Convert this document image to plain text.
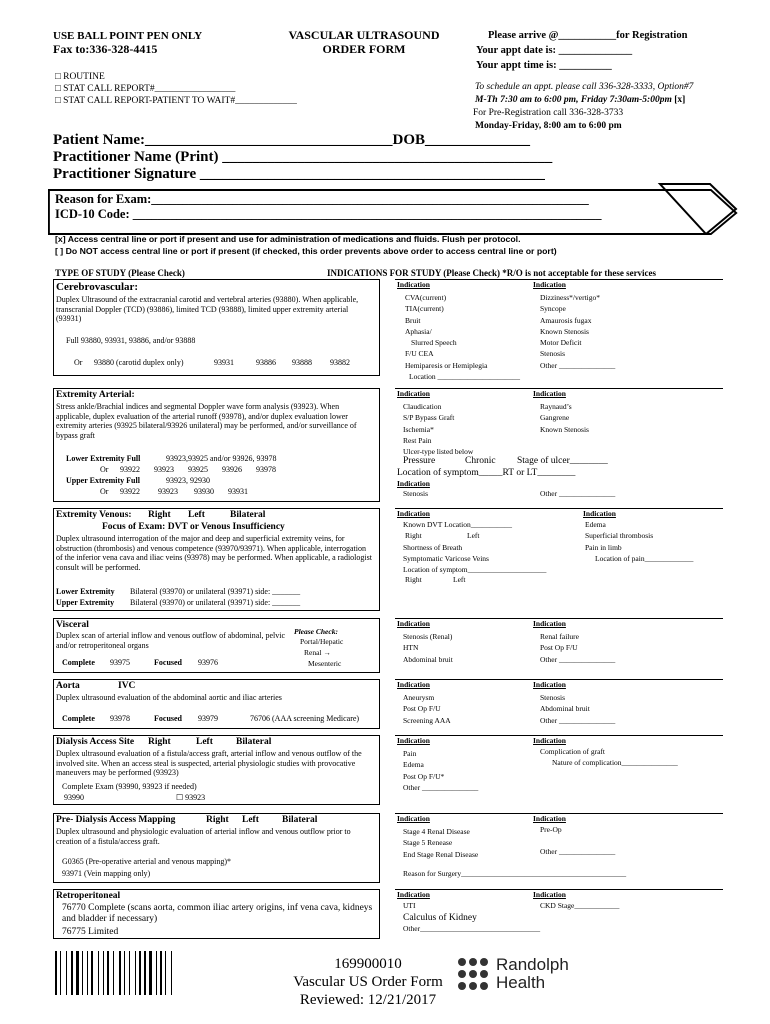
USE BALL POINT PEN ONLY
Fax to:336-328-4415
VASCULAR ULTRASOUND
ORDER FORM
Please arrive @___________for Registration
Your appt date is: ______________
Your appt time is: __________
□ ROUTINE
□ STAT CALL REPORT#_________________
□ STAT CALL REPORT-PATIENT TO WAIT#_____________
To schedule an appt. please call 336-328-3333, Option#7
M-Th 7:30 am to 6:00 pm, Friday 7:30am-5:00pm [x]
For Pre-Registration call 336-328-3733
Monday-Friday, 8:00 am to 6:00 pm
Patient Name:_________________________________DOB______________
Practitioner Name (Print) ____________________________________________
Practitioner Signature ______________________________________________
Reason for Exam:______________________________________________________________________
ICD-10 Code: ___________________________________________________________________________
[x] Access central line or port if present and use for administration of medications and fluids. Flush per protocol.
[ ] Do NOT access central line or port if present (if checked, this order prevents above order to access central line or port)
TYPE OF STUDY (Please Check)	INDICATIONS FOR STUDY (Please Check) *R/O is not acceptable for these services
Cerebrovascular:
Duplex Ultrasound of the extracranial carotid and vertebral arteries (93880). When applicable, transcranial Doppler (TCD) (93886), limited TCD (93888), limited upper extremity arterial (93931)
Full 93880, 93931, 93886, and/or 93888
Or 93880 (carotid duplex only)	93931	93886 93888 93882
Indication	Indication
CVA(current)
TIA(current)
Bruit
Aphasia/
Slurred Speech
F/U CEA
Hemiparesis or Hemiplegia
Location ______________________
Dizziness*/vertigo*
Syncope
Amaurosis fugax
Known Stenosis
Motor Deficit
Stenosis
Other _______________
Extremity Arterial:
Stress ankle/Brachial indices and segmental Doppler wave form analysis (93923). When applicable, duplex evaluation of the arterial runoff (93978), and/or duplex evaluation lower extremity arteries (93925 bilateral/93926 unilateral) may be performed, and/or surveillance of bypass graft
Lower Extremity Full	93923,93925 and/or 93926, 93978
Or 93922 93923 93925 93926 93978
Upper Extremity Full	93923, 92930
Or 93922 93923 93930 93931
Indication	Indication
Claudication
S/P Bypass Graft
Ischemia*
Rest Pain
Ulcer-type listed below
Raynaud’s
Gangrene
Known Stenosis
Pressure	Chronic Stage of ulcer________
Location of symptom_____RT or LT________
Indication
Stenosis	Other _______________
Extremity Venous: Right Left	Bilateral
Focus of Exam: DVT or Venous Insufficiency
Duplex ultrasound interrogation of the major and deep and superficial extremity veins, for obstruction (thrombosis) and venous competence (93970/93971). When applicable, interrogation of the inferior vena cava and iliac veins (93978) may be performed. When applicable, a radiologist consult will be performed.
Lower Extremity Bilateral (93970) or unilateral (93971) side: _______
Upper Extremity Bilateral (93970) or unilateral (93971) side: _______
Indication	Indication
Known DVT Location___________
Right	Left
Shortness of Breath
Symptomatic Varicose Veins
Location of symptom_____________________
Right	Left
Edema
Superficial thrombosis
Pain in limb
Location of pain_____________
Visceral
Duplex scan of arterial inflow and venous outflow of abdominal, pelvic and/or retroperitoneal organs
Please Check:
Portal/Hepatic
Renal →
Mesenteric
Complete 93975	Focused 93976
Indication	Indication
Stenosis (Renal)
HTN
Abdominal bruit
Renal failure
Post Op F/U
Other _______________
Aorta	IVC
Duplex ultrasound evaluation of the abdominal aortic and iliac arteries
Complete 93978	Focused 93979	76706 (AAA screening Medicare)
Indication	Indication
Aneurysm
Post Op F/U
Screening AAA
Stenosis
Abdominal bruit
Other _______________
Dialysis Access Site Right	Left Bilateral
Duplex ultrasound evaluation of a fistula/access graft, arterial inflow and venous outflow of the involved site. When an access steal is suspected, arterial physiologic studies with provocative maneuvers may be performed (93923)
Complete Exam (93990, 93923 if needed)
93990	☐ 93923
Indication	Indication
Pain
Edema
Post Op F/U*
Other _______________
Complication of graft
Nature of complication_______________
Pre- Dialysis Access Mapping	Right Left Bilateral
Duplex ultrasound and physiologic evaluation of arterial inflow and venous outflow prior to creation of a fistula/access graft.
G0365 (Pre-operative arterial and venous mapping)*
93971 (Vein mapping only)
Indication	Indication
Stage 4 Renal Disease
Stage 5 Renease
End Stage Renal Disease
Pre-Op
Other _______________
Reason for Surgery____________________________________________
Retroperitoneal
76770 Complete (scans aorta, common iliac artery origins, inf vena cava, kidneys and bladder if necessary)
76775 Limited
Indication	Indication
UTI
Calculus of Kidney
Other________________________________
CKD Stage____________
169900010
Vascular US Order Form
Reviewed: 12/21/2017
Randolph
Health
